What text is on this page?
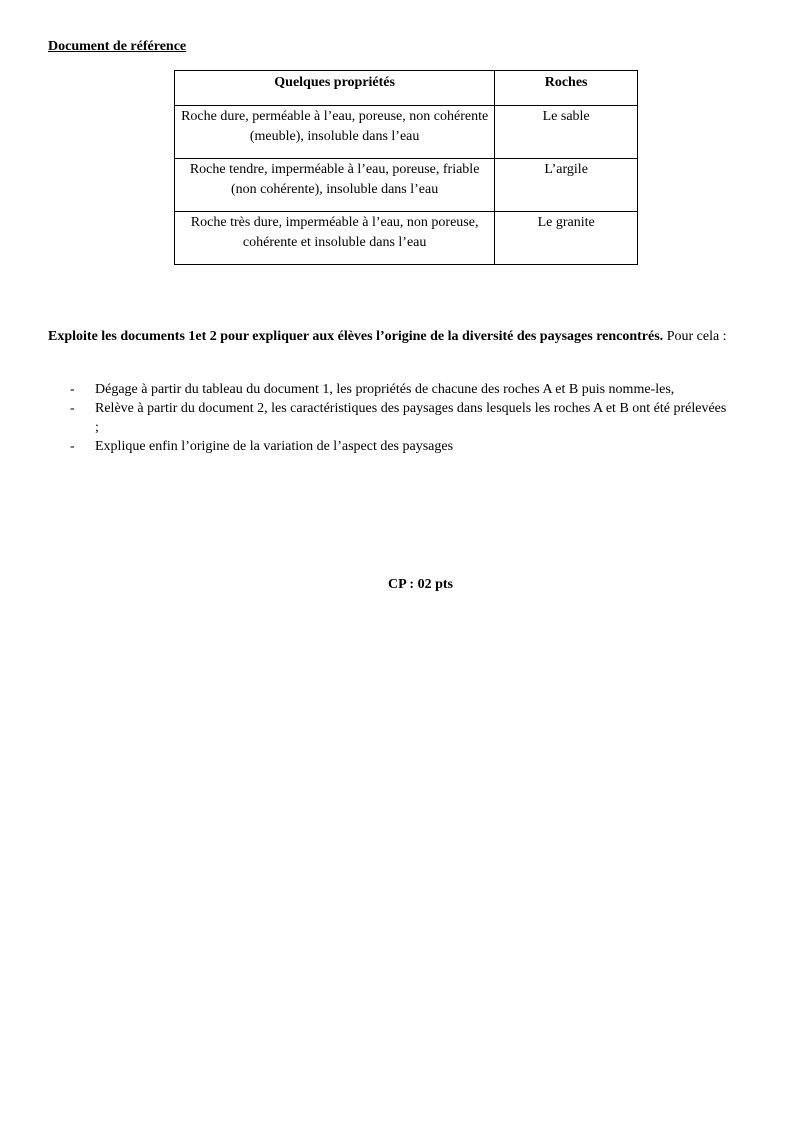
Document de référence
Quelques propriétés	Roches
Roche dure, perméable à l’eau, poreuse, non cohérente (meuble), insoluble dans l’eau	Le sable
Roche tendre, imperméable à l’eau, poreuse, friable (non cohérente), insoluble dans l’eau	L’argile
Roche très dure, imperméable à l’eau, non poreuse, cohérente et insoluble dans l’eau	Le granite
Exploite les documents 1et 2 pour expliquer aux élèves l’origine de la diversité des paysages rencontrés. Pour cela :
- Dégage à partir du tableau du document 1, les propriétés de chacune des roches A et B puis nomme-les,
- Relève à partir du document 2, les caractéristiques des paysages dans lesquels les roches A et B ont été prélevées ;
- Explique enfin l’origine de la variation de l’aspect des paysages
CP : 02 pts
